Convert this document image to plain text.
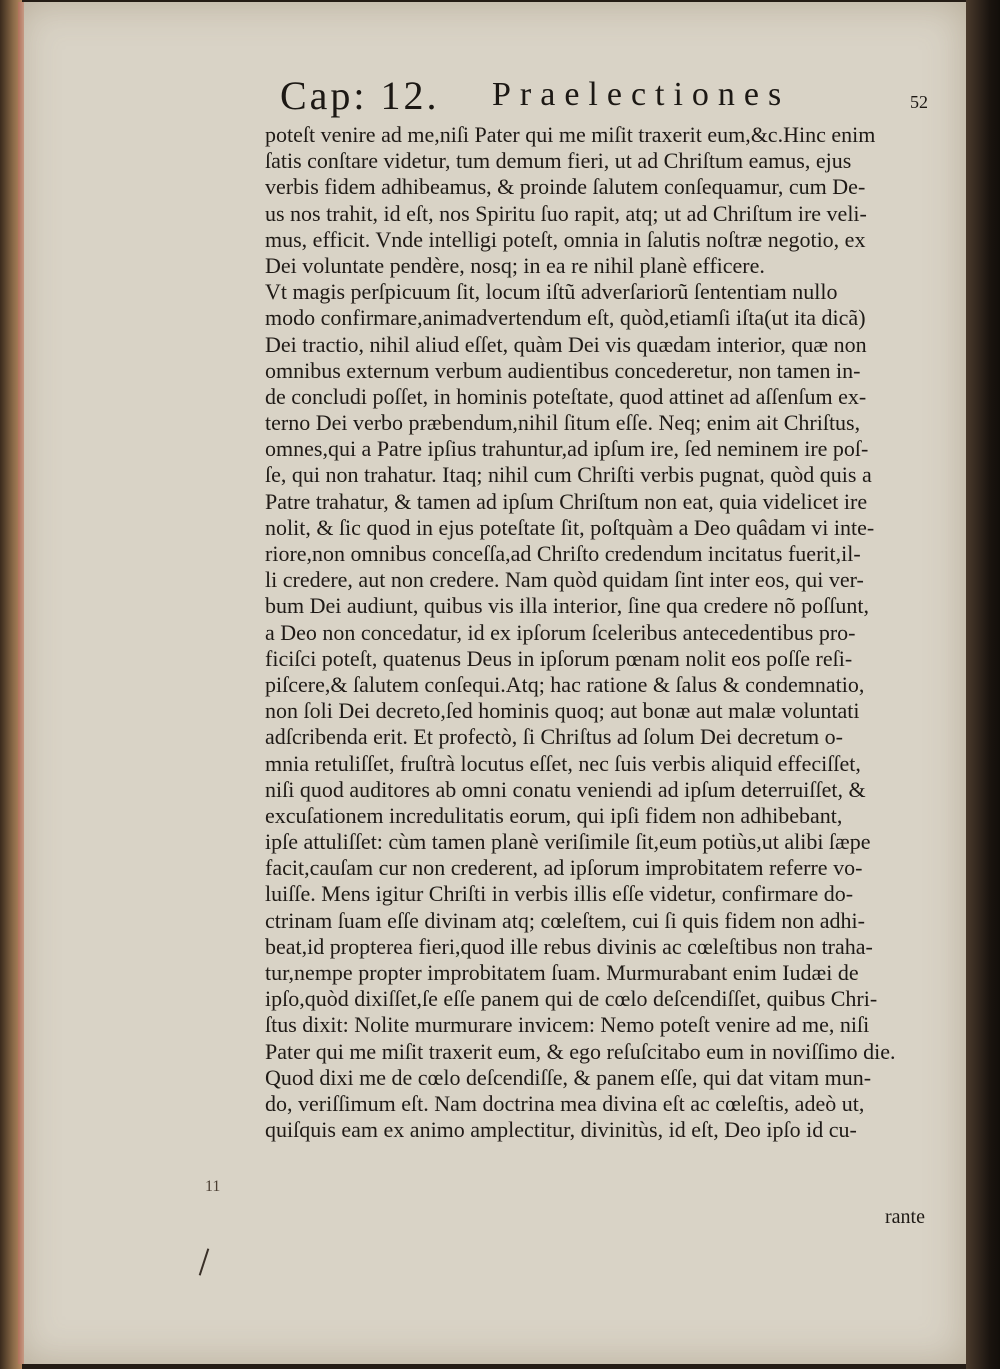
Cap: 12. Praelectiones	52
poteſt venire ad me,niſi Pater qui me miſit traxerit eum,&c.Hinc enim
ſatis conſtare videtur, tum demum fieri, ut ad Chriſtum eamus, ejus
verbis fidem adhibeamus, & proinde ſalutem conſequamur, cum De-
us nos trahit, id eſt, nos Spiritu ſuo rapit, atq; ut ad Chriſtum ire veli-
mus, efficit. Vnde intelligi poteſt, omnia in ſalutis noſtræ negotio, ex
Dei voluntate pendère, nosq; in ea re nihil planè efficere.
Vt magis perſpicuum ſit, locum iſtũ adverſariorũ ſententiam nullo
modo confirmare,animadvertendum eſt, quòd,etiamſi iſta(ut ita dicã)
Dei tractio, nihil aliud eſſet, quàm Dei vis quædam interior, quæ non
omnibus externum verbum audientibus concederetur, non tamen in-
de concludi poſſet, in hominis poteſtate, quod attinet ad aſſenſum ex-
terno Dei verbo præbendum,nihil ſitum eſſe. Neq; enim ait Chriſtus,
omnes,qui a Patre ipſius trahuntur,ad ipſum ire, ſed neminem ire poſ-
ſe, qui non trahatur. Itaq; nihil cum Chriſti verbis pugnat, quòd quis a
Patre trahatur, & tamen ad ipſum Chriſtum non eat, quia videlicet ire
nolit, & ſic quod in ejus poteſtate ſit, poſtquàm a Deo quâdam vi inte-
riore,non omnibus conceſſa,ad Chriſto credendum incitatus fuerit,il-
li credere, aut non credere. Nam quòd quidam ſint inter eos, qui ver-
bum Dei audiunt, quibus vis illa interior, ſine qua credere nõ poſſunt,
a Deo non concedatur, id ex ipſorum ſceleribus antecedentibus pro-
ficiſci poteſt, quatenus Deus in ipſorum pœnam nolit eos poſſe reſi-
piſcere,& ſalutem conſequi.Atq; hac ratione & ſalus & condemnatio,
non ſoli Dei decreto,ſed hominis quoq; aut bonæ aut malæ voluntati
adſcribenda erit. Et profectò, ſi Chriſtus ad ſolum Dei decretum o-
mnia retuliſſet, fruſtrà locutus eſſet, nec ſuis verbis aliquid effeciſſet,
niſi quod auditores ab omni conatu veniendi ad ipſum deterruiſſet, &
excuſationem incredulitatis eorum, qui ipſi fidem non adhibebant,
ipſe attuliſſet: cùm tamen planè veriſimile ſit,eum potiùs,ut alibi ſæpe
facit,cauſam cur non crederent, ad ipſorum improbitatem referre vo-
luiſſe. Mens igitur Chriſti in verbis illis eſſe videtur, confirmare do-
ctrinam ſuam eſſe divinam atq; cœleſtem, cui ſi quis fidem non adhi-
beat,id propterea fieri,quod ille rebus divinis ac cœleſtibus non traha-
tur,nempe propter improbitatem ſuam. Murmurabant enim Iudæi de
ipſo,quòd dixiſſet,ſe eſſe panem qui de cœlo deſcendiſſet, quibus Chri-
ſtus dixit: Nolite murmurare invicem: Nemo poteſt venire ad me, niſi
Pater qui me miſit traxerit eum, & ego reſuſcitabo eum in noviſſimo die.
Quod dixi me de cœlo deſcendiſſe, & panem eſſe, qui dat vitam mun-
do, veriſſimum eſt. Nam doctrina mea divina eſt ac cœleſtis, adeò ut,
quiſquis eam ex animo amplectitur, divinitùs, id eſt, Deo ipſo id cu-
rante
11
